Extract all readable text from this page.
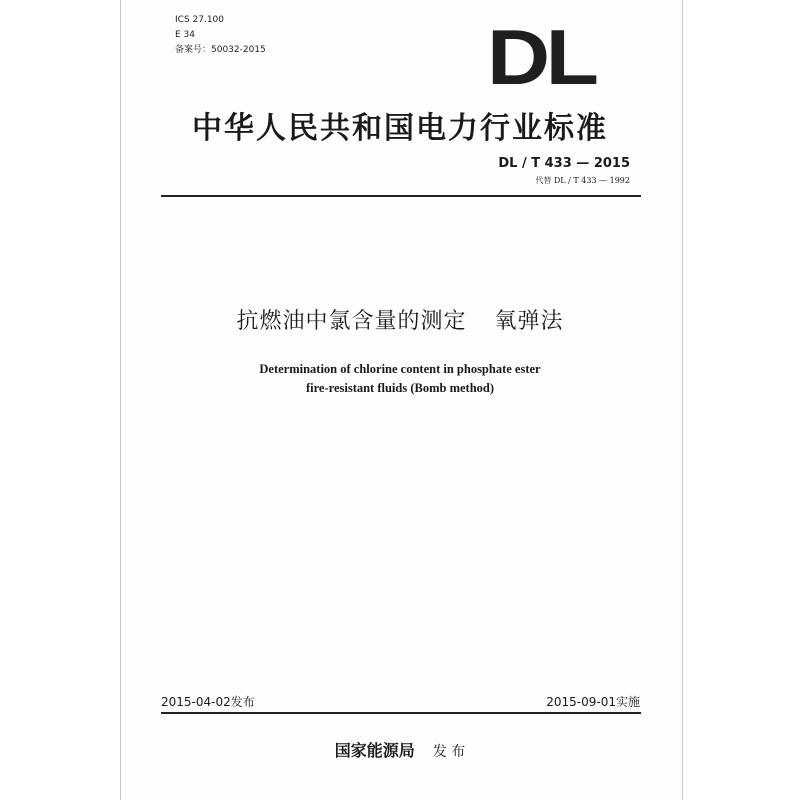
ICS 27.100
E 34
备案号：50032-2015	DL
中华人民共和国电力行业标准
DL / T 433 — 2015
代替 DL / T 433 — 1992
抗燃油中氯含量的测定 氧弹法
Determination of chlorine content in phosphate ester
fire-resistant fluids (Bomb method)
2015-04-02发布	2015-09-01实施
国家能源局 发 布
